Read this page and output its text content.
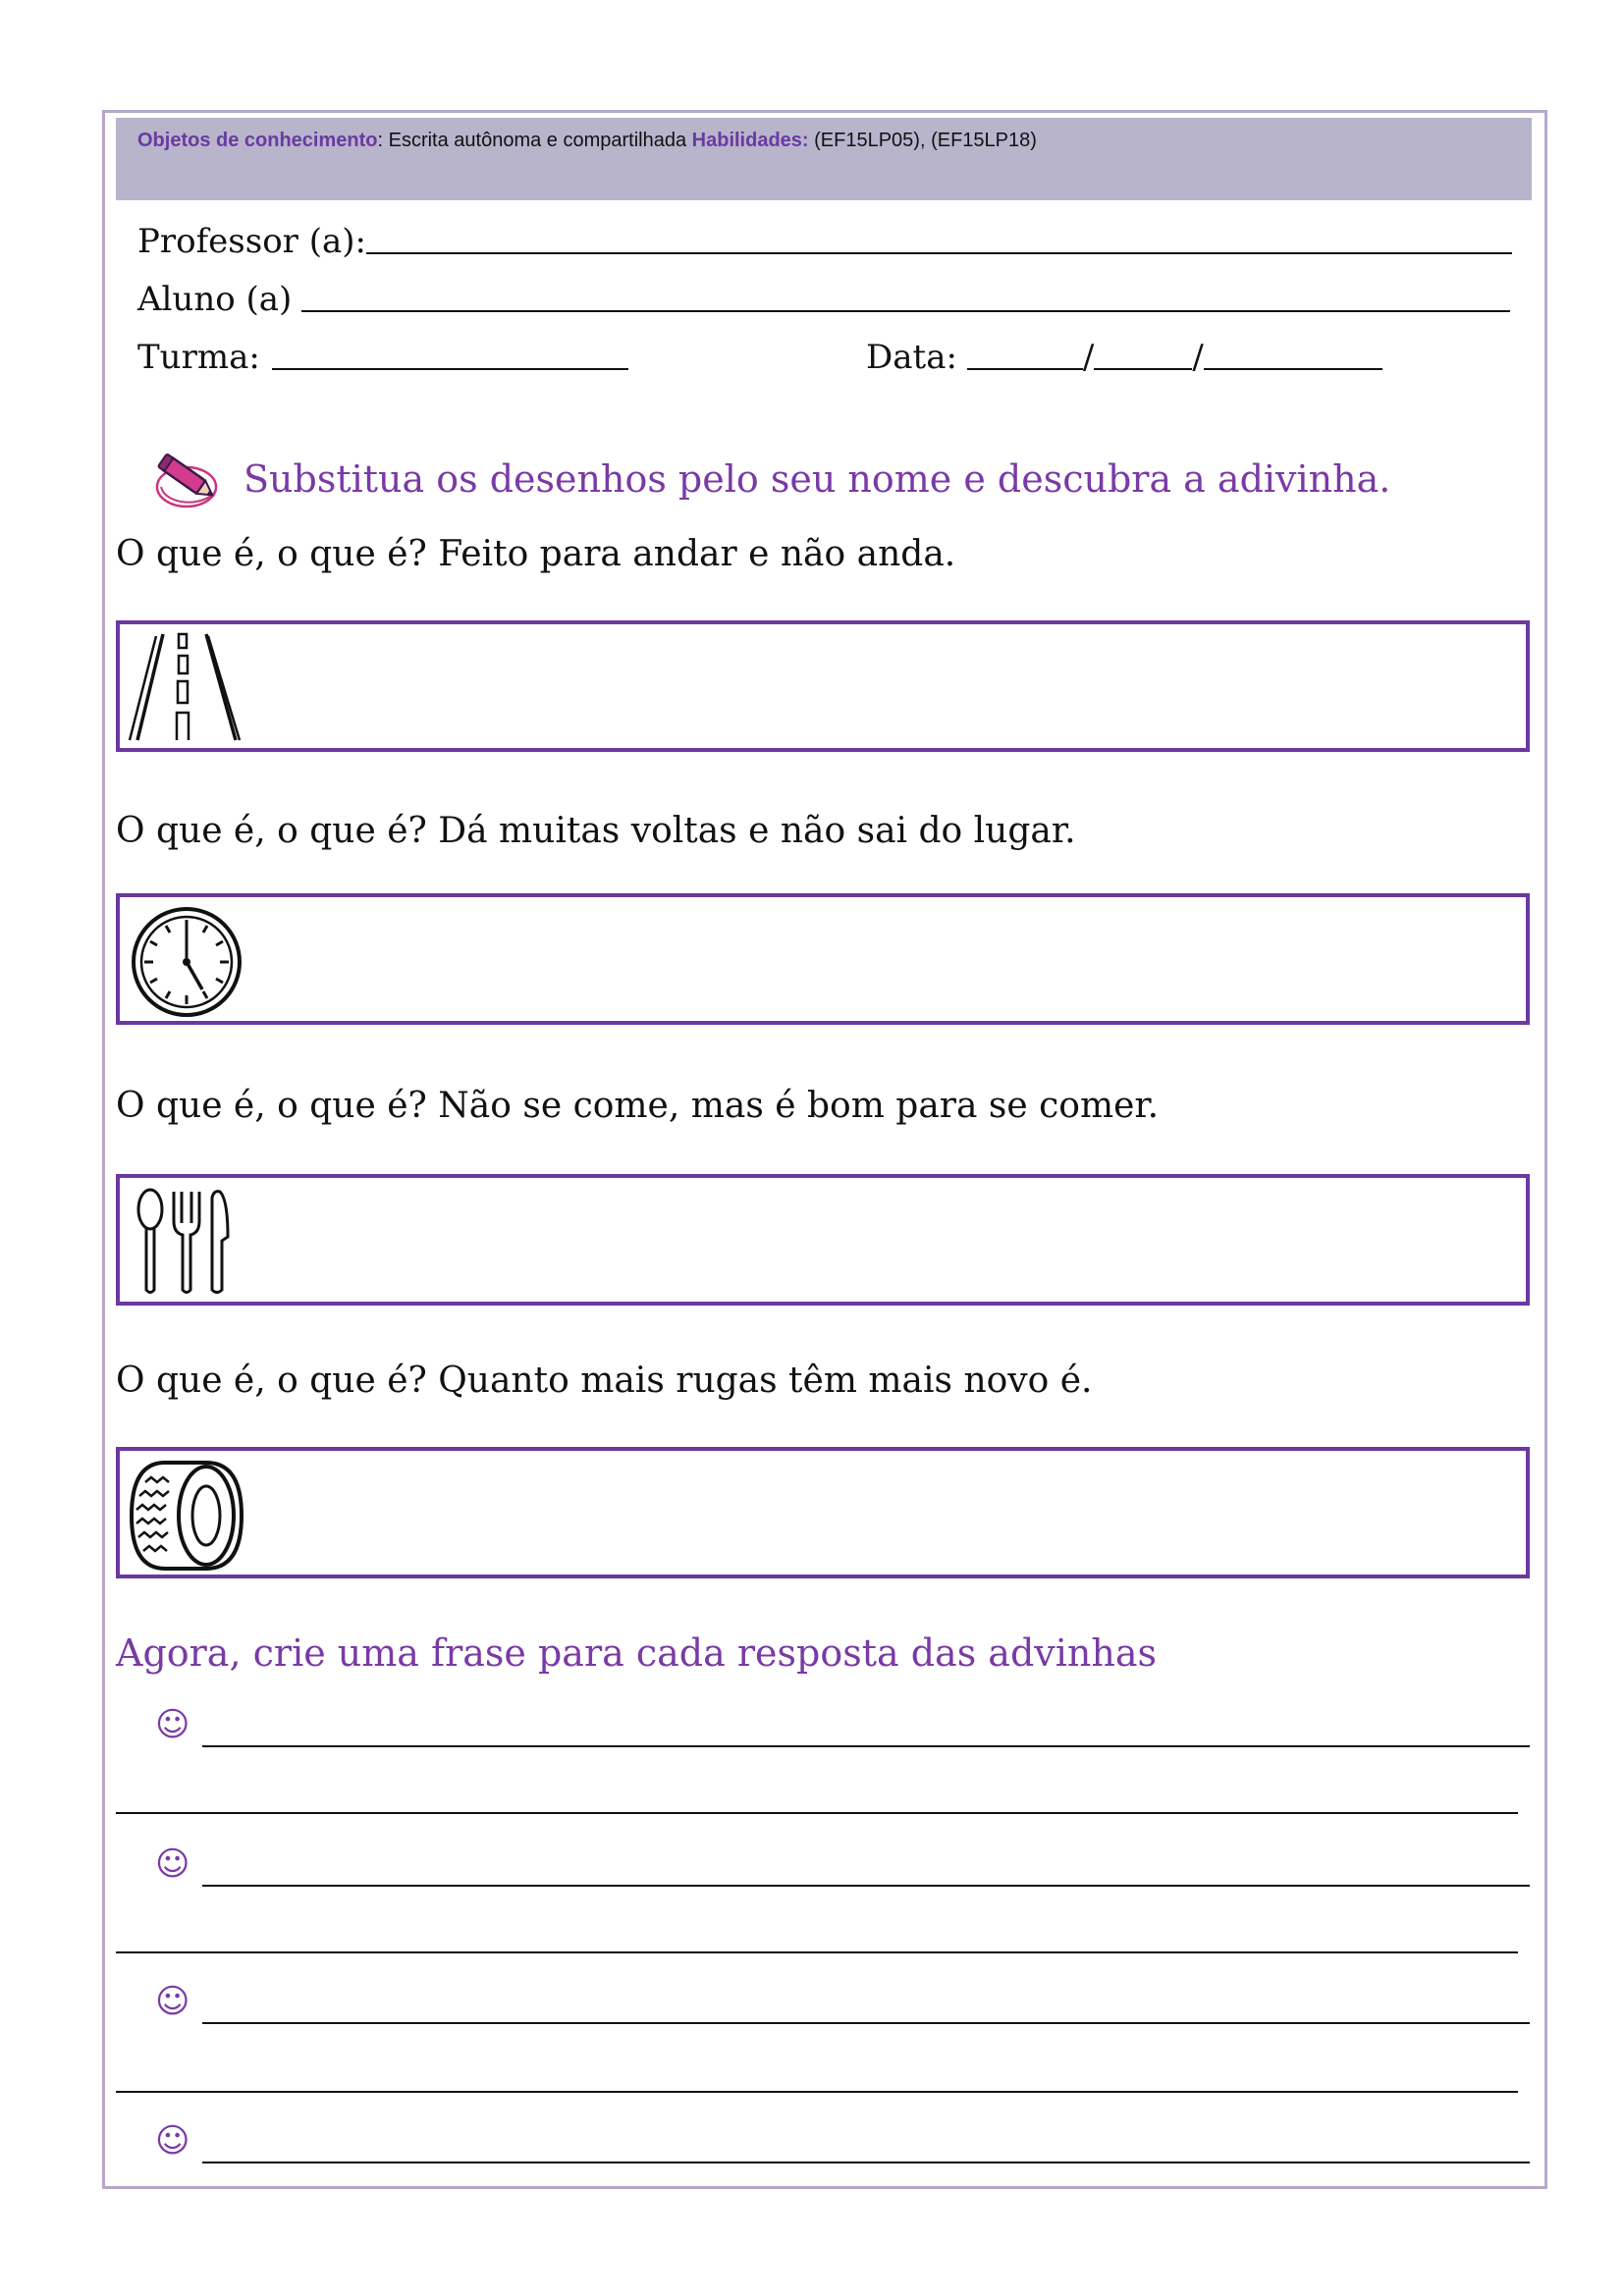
Objetos de conhecimento: Escrita autônoma e compartilhada Habilidades: (EF15LP05), (EF15LP18)
Professor (a):
Aluno (a)
Turma:	Data:	/	/
Substitua os desenhos pelo seu nome e descubra a adivinha.
O que é, o que é? Feito para andar e não anda.
O que é, o que é? Dá muitas voltas e não sai do lugar.
O que é, o que é? Não se come, mas é bom para se comer.
O que é, o que é? Quanto mais rugas têm mais novo é.
Agora, crie uma frase para cada resposta das advinhas
☺
☺
☺
☺
